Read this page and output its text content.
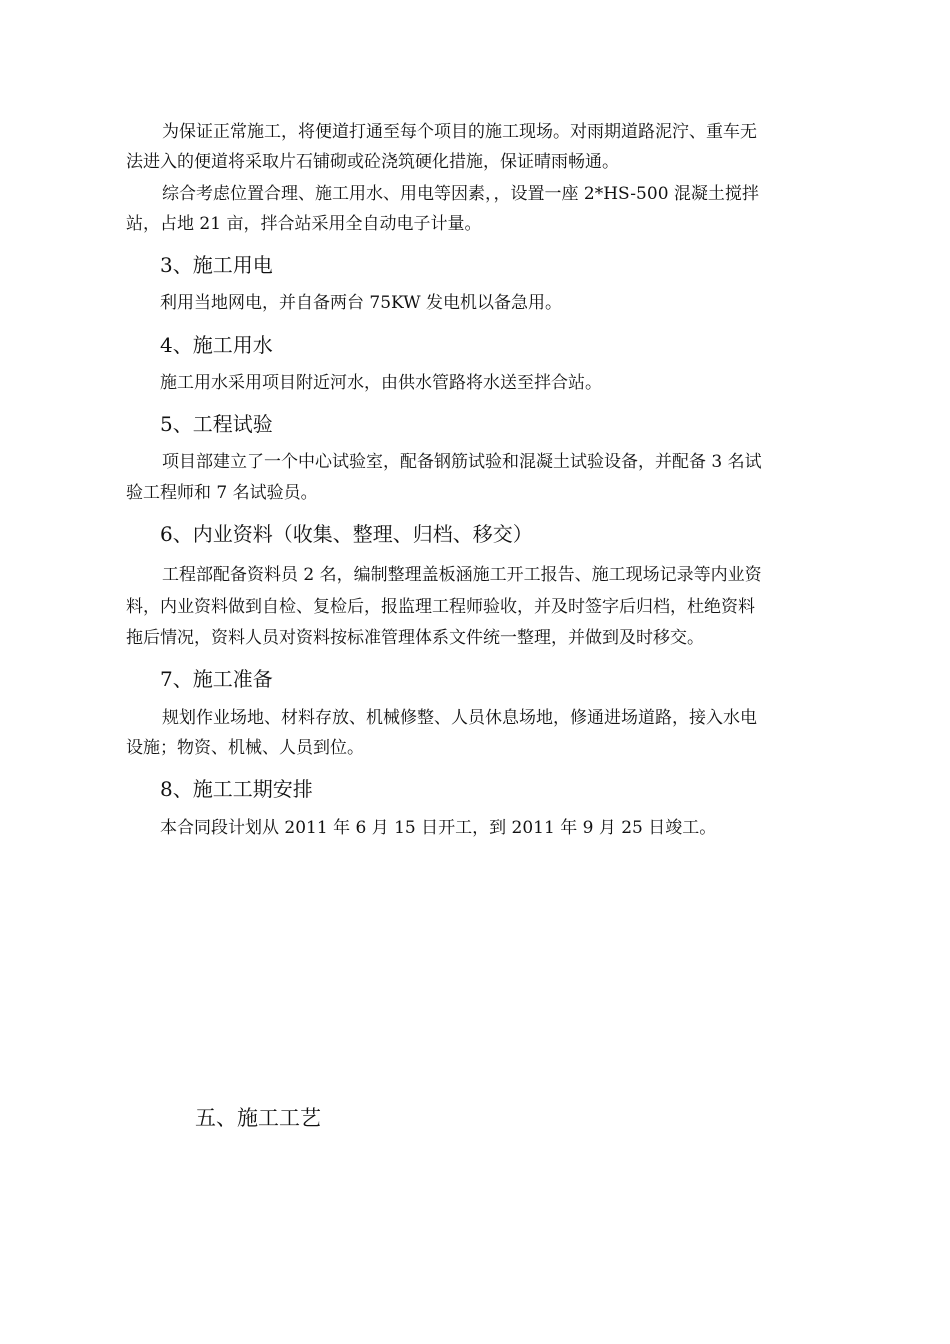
为保证正常施工，将便道打通至每个项目的施工现场。对雨期道路泥泞、重车无
法进入的便道将采取片石铺砌或砼浇筑硬化措施，保证晴雨畅通。
综合考虑位置合理、施工用水、用电等因素，，设置一座 2*HS-500 混凝土搅拌
站，占地 21 亩，拌合站采用全自动电子计量。
3、施工用电
利用当地网电，并自备两台 75KW 发电机以备急用。
4、施工用水
施工用水采用项目附近河水，由供水管路将水送至拌合站。
5、工程试验
项目部建立了一个中心试验室，配备钢筋试验和混凝土试验设备，并配备 3 名试
验工程师和 7 名试验员。
6、内业资料（收集、整理、归档、移交）
工程部配备资料员 2 名，编制整理盖板涵施工开工报告、施工现场记录等内业资
料，内业资料做到自检、复检后，报监理工程师验收，并及时签字后归档，杜绝资料
拖后情况，资料人员对资料按标准管理体系文件统一整理，并做到及时移交。
7、施工准备
规划作业场地、材料存放、机械修整、人员休息场地，修通进场道路，接入水电
设施；物资、机械、人员到位。
8、施工工期安排
本合同段计划从 2011 年 6 月 15 日开工，到 2011 年 9 月 25 日竣工。
五、施工工艺
